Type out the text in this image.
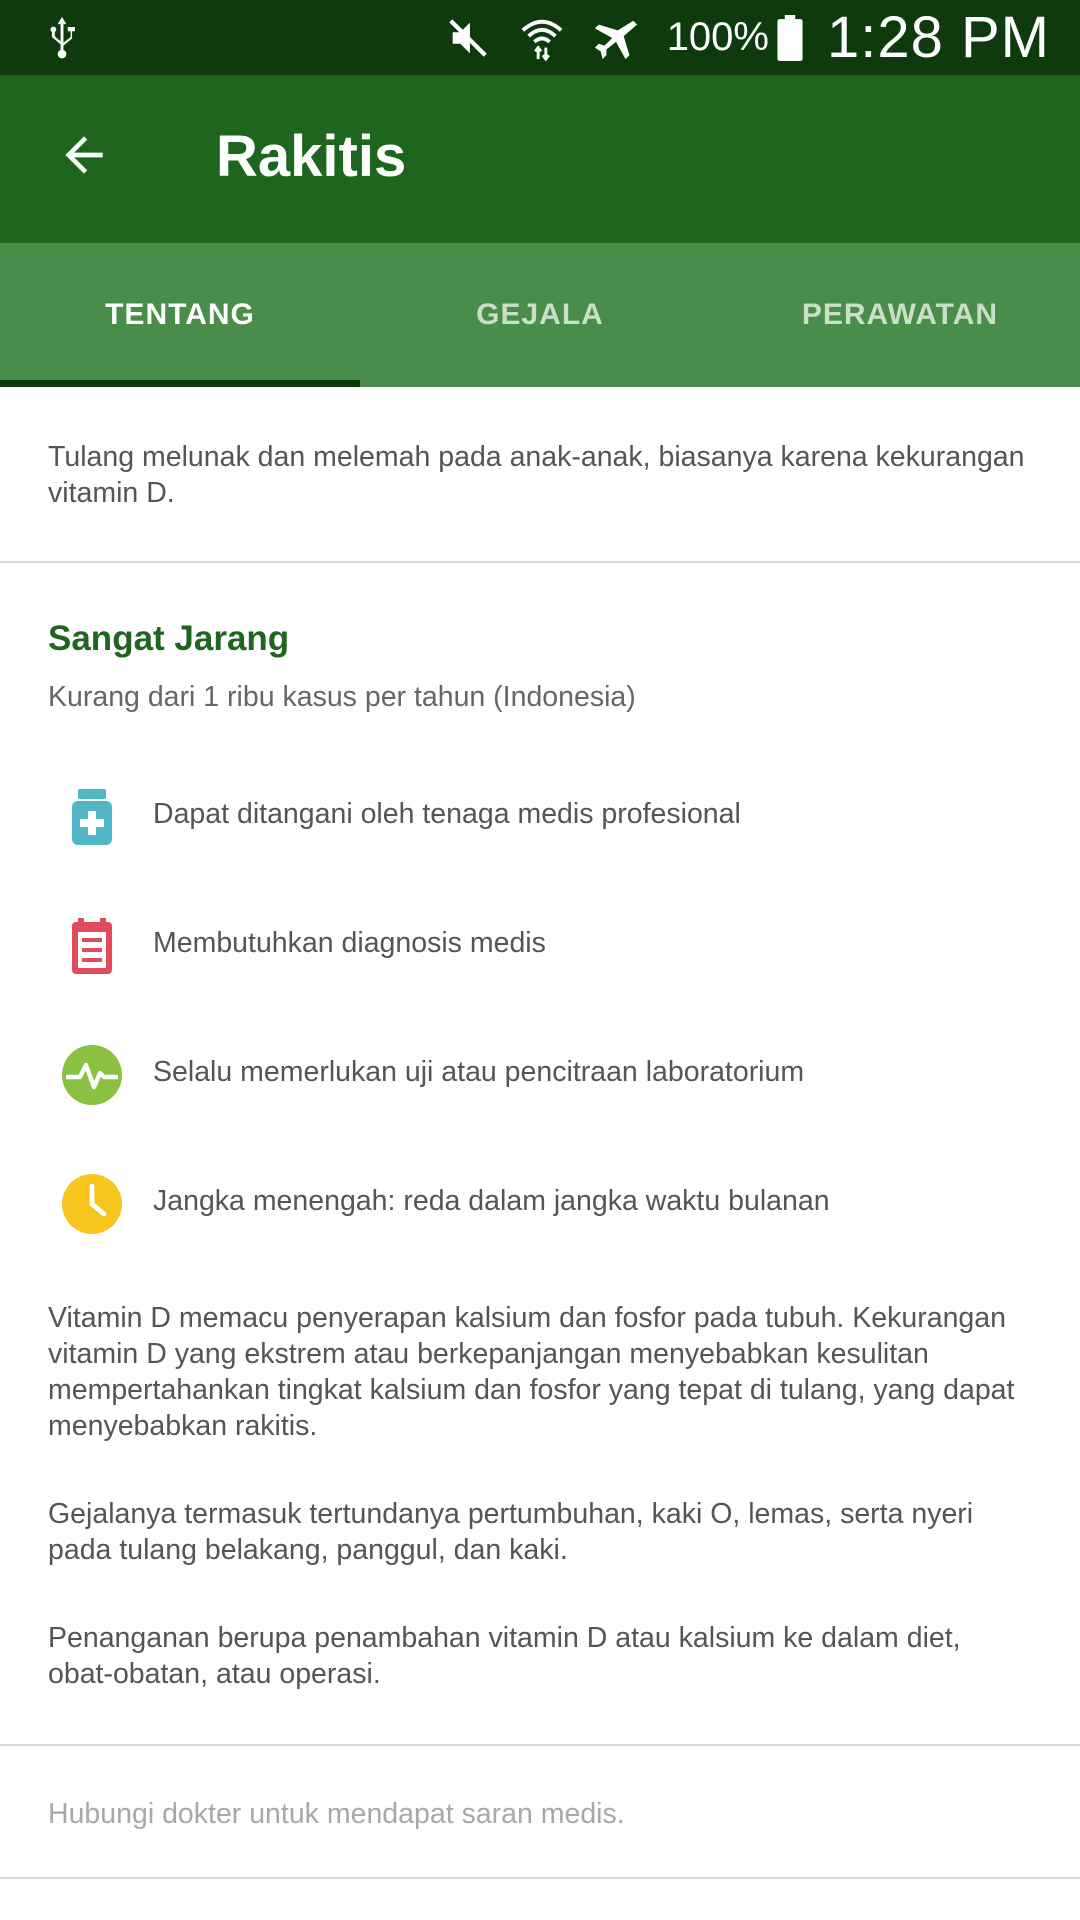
100% 1:28 PM
Rakitis
TENTANG	GEJALA	PERAWATAN
Tulang melunak dan melemah pada anak-anak, biasanya karena kekurangan vitamin D.
Sangat Jarang
Kurang dari 1 ribu kasus per tahun (Indonesia)
Dapat ditangani oleh tenaga medis profesional
Membutuhkan diagnosis medis
Selalu memerlukan uji atau pencitraan laboratorium
Jangka menengah: reda dalam jangka waktu bulanan
Vitamin D memacu penyerapan kalsium dan fosfor pada tubuh. Kekurangan vitamin D yang ekstrem atau berkepanjangan menyebabkan kesulitan mempertahankan tingkat kalsium dan fosfor yang tepat di tulang, yang dapat menyebabkan rakitis.
Gejalanya termasuk tertundanya pertumbuhan, kaki O, lemas, serta nyeri pada tulang belakang, panggul, dan kaki.
Penanganan berupa penambahan vitamin D atau kalsium ke dalam diet, obat-obatan, atau operasi.
Hubungi dokter untuk mendapat saran medis.
